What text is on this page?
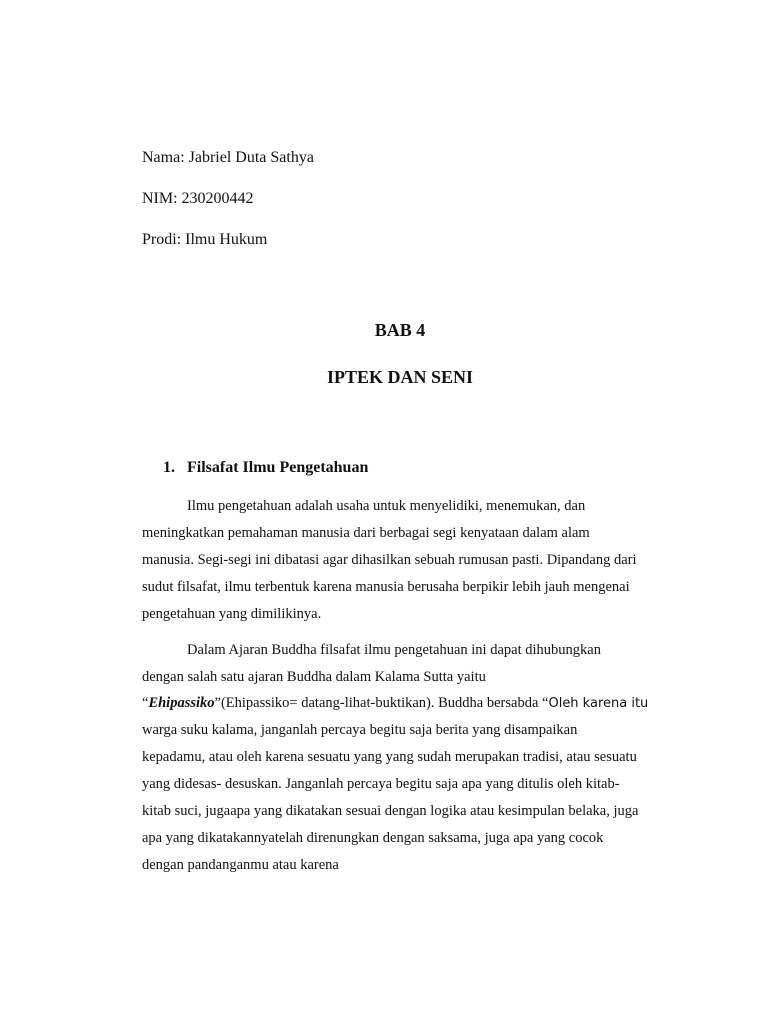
Nama: Jabriel Duta Sathya
NIM: 230200442
Prodi: Ilmu Hukum
BAB 4
IPTEK DAN SENI
1. Filsafat Ilmu Pengetahuan
Ilmu pengetahuan adalah usaha untuk menyelidiki, menemukan, dan
meningkatkan pemahaman manusia dari berbagai segi kenyataan dalam alam
manusia. Segi-segi ini dibatasi agar dihasilkan sebuah rumusan pasti. Dipandang dari
sudut filsafat, ilmu terbentuk karena manusia berusaha berpikir lebih jauh mengenai
pengetahuan yang dimilikinya.
Dalam Ajaran Buddha filsafat ilmu pengetahuan ini dapat dihubungkan
dengan salah satu ajaran Buddha dalam Kalama Sutta yaitu
“Ehipassiko”(Ehipassiko= datang-lihat-buktikan). Buddha bersabda “Oleh karena itu
warga suku kalama, janganlah percaya begitu saja berita yang disampaikan
kepadamu, atau oleh karena sesuatu yang yang sudah merupakan tradisi, atau sesuatu
yang didesas- desuskan. Janganlah percaya begitu saja apa yang ditulis oleh kitab-
kitab suci, jugaapa yang dikatakan sesuai dengan logika atau kesimpulan belaka, juga
apa yang dikatakannyatelah direnungkan dengan saksama, juga apa yang cocok
dengan pandanganmu atau karena
